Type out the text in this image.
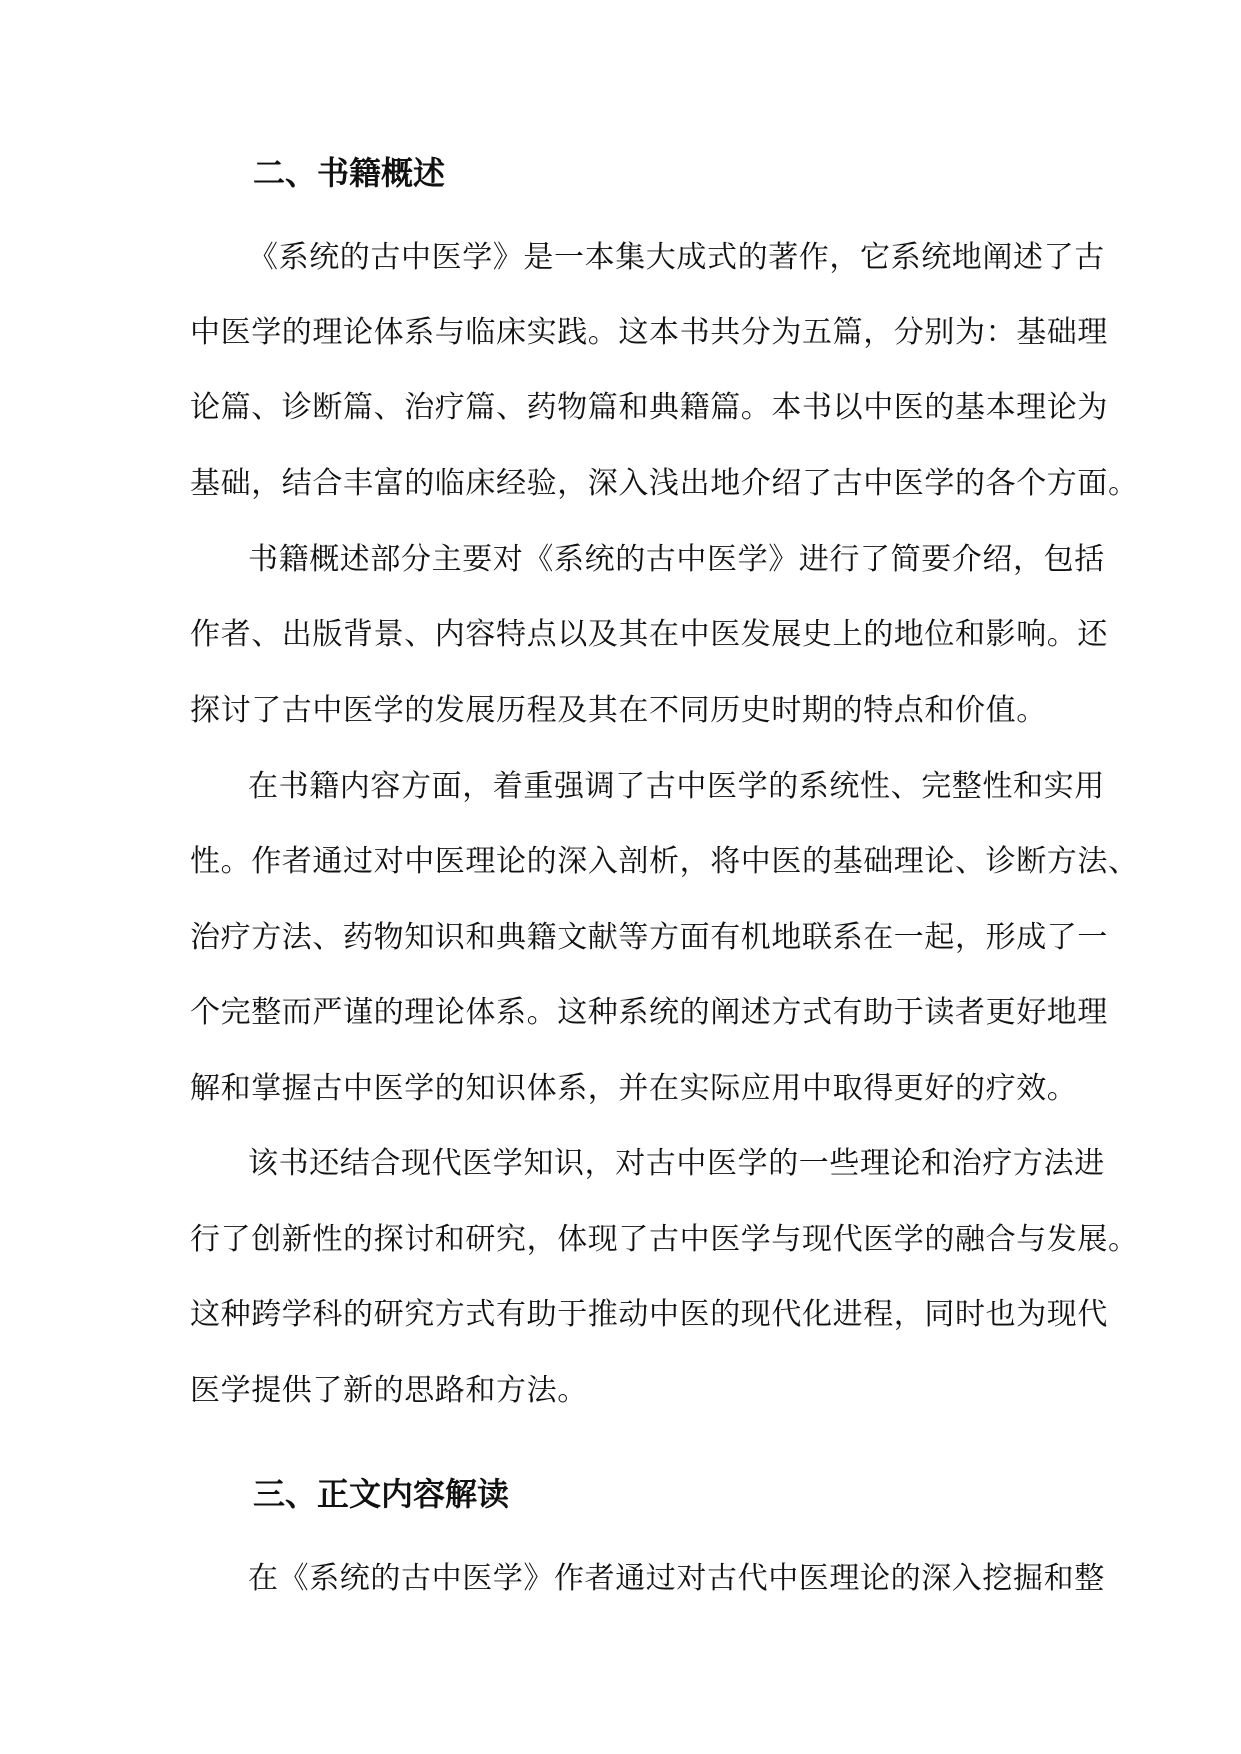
二、书籍概述

《系统的古中医学》是一本集大成式的著作，它系统地阐述了古

中医学的理论体系与临床实践。这本书共分为五篇，分别为：基础理

论篇、诊断篇、治疗篇、药物篇和典籍篇。本书以中医的基本理论为

基础，结合丰富的临床经验，深入浅出地介绍了古中医学的各个方面。

书籍概述部分主要对《系统的古中医学》进行了简要介绍，包括

作者、出版背景、内容特点以及其在中医发展史上的地位和影响。还

探讨了古中医学的发展历程及其在不同历史时期的特点和价值。

在书籍内容方面，着重强调了古中医学的系统性、完整性和实用

性。作者通过对中医理论的深入剖析，将中医的基础理论、诊断方法、

治疗方法、药物知识和典籍文献等方面有机地联系在一起，形成了一

个完整而严谨的理论体系。这种系统的阐述方式有助于读者更好地理

解和掌握古中医学的知识体系，并在实际应用中取得更好的疗效。

该书还结合现代医学知识，对古中医学的一些理论和治疗方法进

行了创新性的探讨和研究，体现了古中医学与现代医学的融合与发展。

这种跨学科的研究方式有助于推动中医的现代化进程，同时也为现代

医学提供了新的思路和方法。

三、正文内容解读

在《系统的古中医学》作者通过对古代中医理论的深入挖掘和整
